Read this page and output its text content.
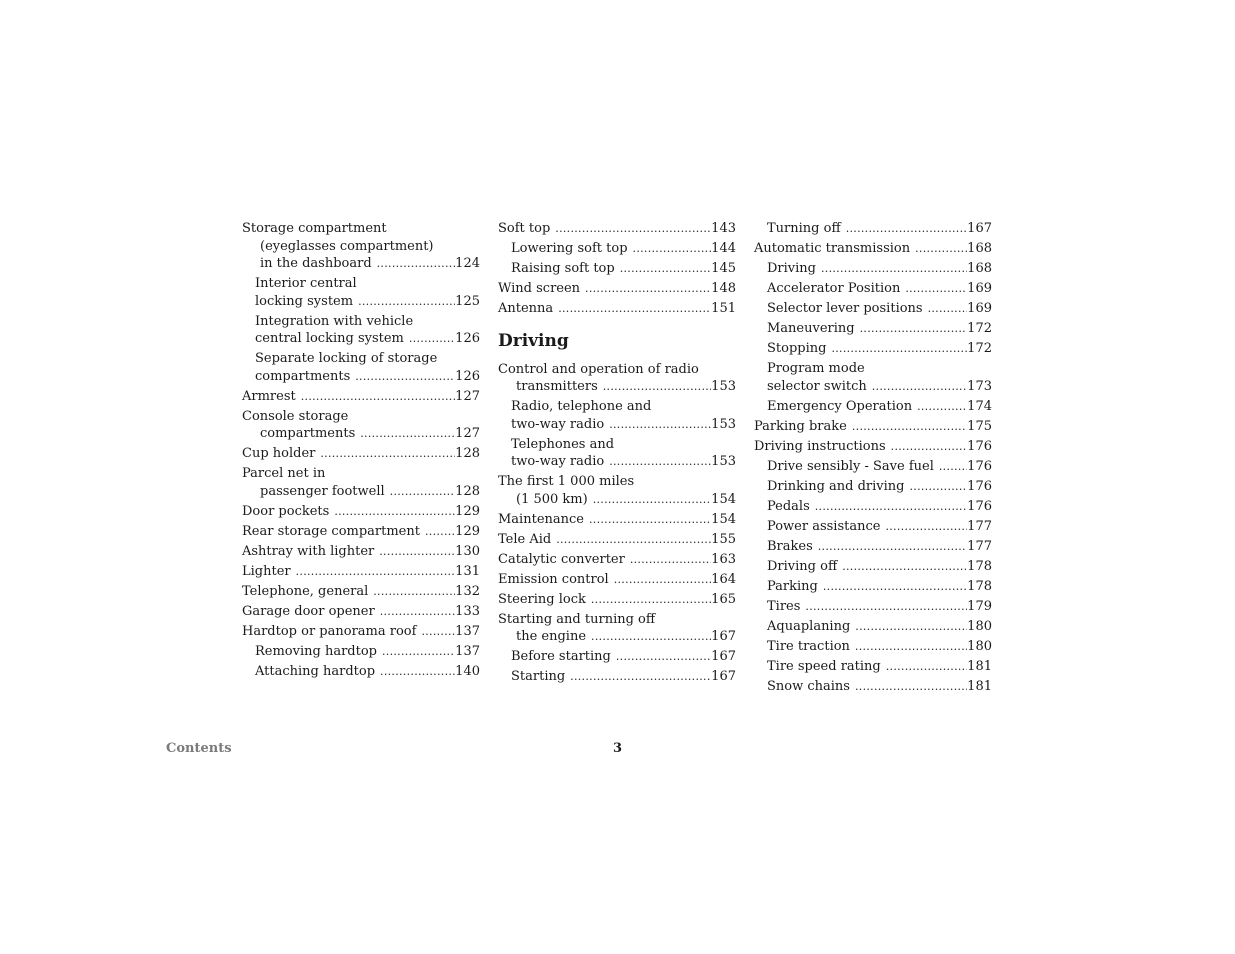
Storage compartment
(eyeglasses compartment)
in the dashboard .....	124
Interior central
locking system .....	125
Integration with vehicle
central locking system .....	126
Separate locking of storage
compartments .....	126
Armrest .....	127
Console storage
compartments .....	127
Cup holder .....	128
Parcel net in
passenger footwell .....	128
Door pockets .....	129
Rear storage compartment .....	129
Ashtray with lighter .....	130
Lighter .....	131
Telephone, general .....	132
Garage door opener .....	133
Hardtop or panorama roof .....	137
Removing hardtop .....	137
Attaching hardtop .....	140
Soft top .....	143
Lowering soft top .....	144
Raising soft top .....	145
Wind screen .....	148
Antenna .....	151
Driving
Control and operation of radio
transmitters .....	153
Radio, telephone and
two-way radio .....	153
Telephones and
two-way radio .....	153
The first 1 000 miles
(1 500 km) .....	154
Maintenance .....	154
Tele Aid .....	155
Catalytic converter .....	163
Emission control .....	164
Steering lock .....	165
Starting and turning off
the engine .....	167
Before starting .....	167
Starting .....	167
Turning off .....	167
Automatic transmission .....	168
Driving .....	168
Accelerator Position .....	169
Selector lever positions .....	169
Maneuvering .....	172
Stopping .....	172
Program mode
selector switch .....	173
Emergency Operation .....	174
Parking brake .....	175
Driving instructions .....	176
Drive sensibly - Save fuel .....	176
Drinking and driving .....	176
Pedals .....	176
Power assistance .....	177
Brakes .....	177
Driving off .....	178
Parking .....	178
Tires .....	179
Aquaplaning .....	180
Tire traction .....	180
Tire speed rating .....	181
Snow chains .....	181
Contents	3
